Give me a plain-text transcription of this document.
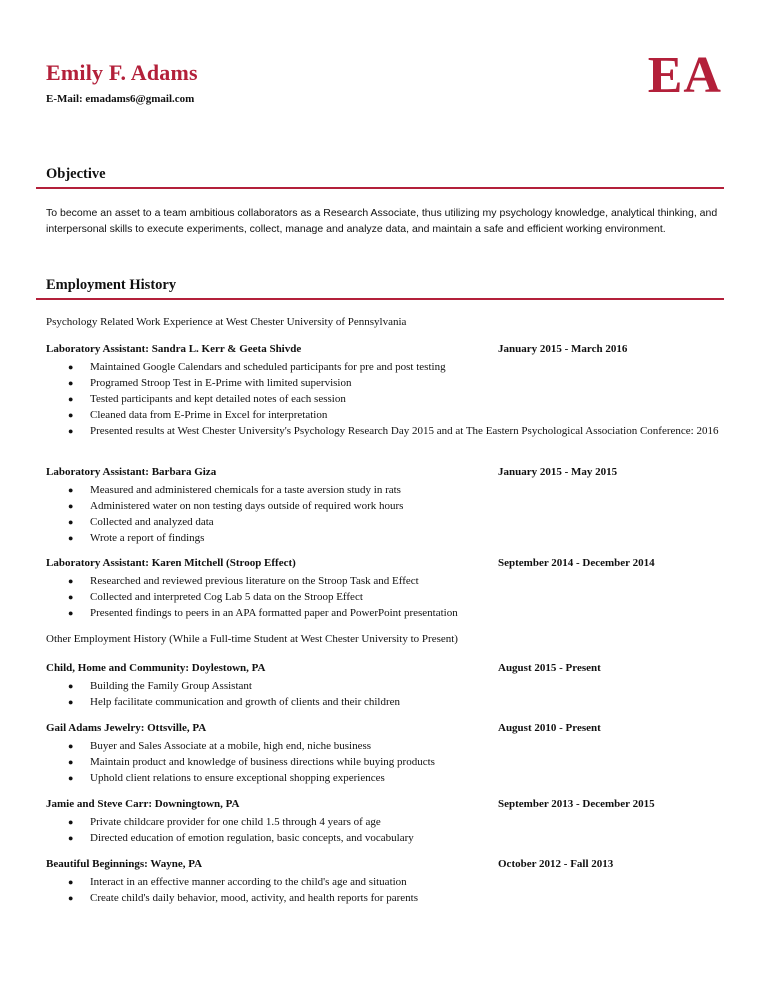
Emily F. Adams
E-Mail: emadams6@gmail.com	EA
Objective
To become an asset to a team ambitious collaborators as a Research Associate, thus utilizing my psychology knowledge, analytical thinking, and interpersonal skills to execute experiments, collect, manage and analyze data, and maintain a safe and efficient working environment.
Employment History
Psychology Related Work Experience at West Chester University of Pennsylvania
Laboratory Assistant: Sandra L. Kerr & Geeta Shivde	January 2015 - March 2016
● Maintained Google Calendars and scheduled participants for pre and post testing
● Programed Stroop Test in E-Prime with limited supervision
● Tested participants and kept detailed notes of each session
● Cleaned data from E-Prime in Excel for interpretation
● Presented results at West Chester University's Psychology Research Day 2015 and at The Eastern Psychological Association Conference: 2016
Laboratory Assistant: Barbara Giza	January 2015 - May 2015
● Measured and administered chemicals for a taste aversion study in rats
● Administered water on non testing days outside of required work hours
● Collected and analyzed data
● Wrote a report of findings
Laboratory Assistant: Karen Mitchell (Stroop Effect)	September 2014 - December 2014
● Researched and reviewed previous literature on the Stroop Task and Effect
● Collected and interpreted Cog Lab 5 data on the Stroop Effect
● Presented findings to peers in an APA formatted paper and PowerPoint presentation
Other Employment History (While a Full-time Student at West Chester University to Present)
Child, Home and Community: Doylestown, PA	August 2015 - Present
● Building the Family Group Assistant
● Help facilitate communication and growth of clients and their children
Gail Adams Jewelry: Ottsville, PA	August 2010 - Present
● Buyer and Sales Associate at a mobile, high end, niche business
● Maintain product and knowledge of business directions while buying products
● Uphold client relations to ensure exceptional shopping experiences
Jamie and Steve Carr: Downingtown, PA	September 2013 - December 2015
● Private childcare provider for one child 1.5 through 4 years of age
● Directed education of emotion regulation, basic concepts, and vocabulary
Beautiful Beginnings: Wayne, PA	October 2012 - Fall 2013
● Interact in an effective manner according to the child's age and situation
● Create child's daily behavior, mood, activity, and health reports for parents
